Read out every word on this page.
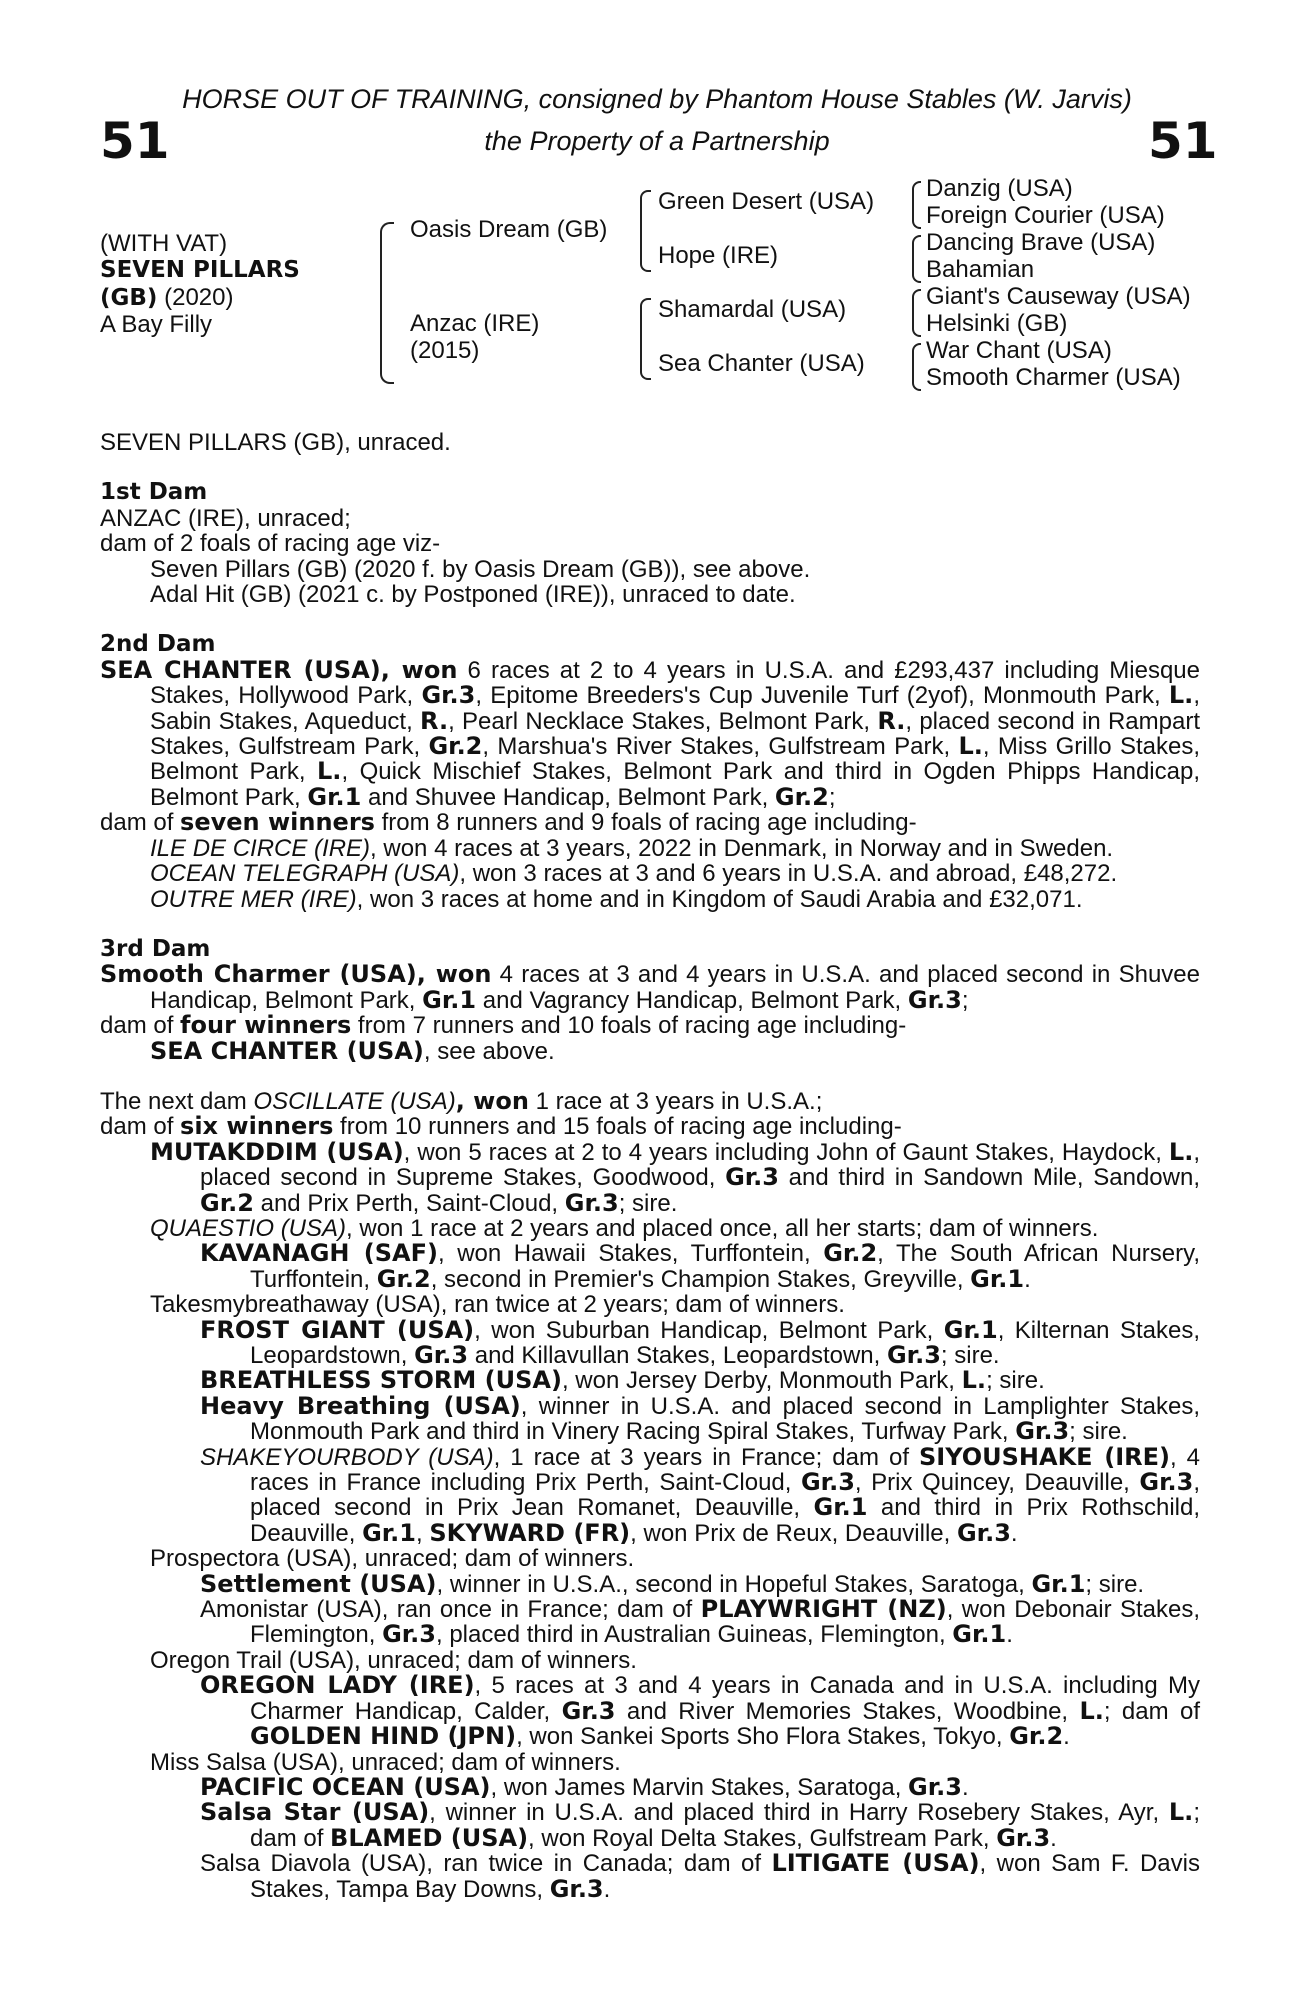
51	51
HORSE OUT OF TRAINING, consigned by Phantom House Stables (W. Jarvis)
the Property of a Partnership
(WITH VAT)
SEVEN PILLARS
(GB) (2020)
A Bay Filly
Oasis Dream (GB)
Anzac (IRE)
(2015)
Green Desert (USA)
Hope (IRE)
Shamardal (USA)
Sea Chanter (USA)
Danzig (USA)
Foreign Courier (USA)
Dancing Brave (USA)
Bahamian
Giant's Causeway (USA)
Helsinki (GB)
War Chant (USA)
Smooth Charmer (USA)
SEVEN PILLARS (GB), unraced.
1st Dam
ANZAC (IRE), unraced;
dam of 2 foals of racing age viz-
Seven Pillars (GB) (2020 f. by Oasis Dream (GB)), see above.
Adal Hit (GB) (2021 c. by Postponed (IRE)), unraced to date.
2nd Dam
SEA CHANTER (USA), won 6 races at 2 to 4 years in U.S.A. and £293,437 including Miesque Stakes, Hollywood Park, Gr.3, Epitome Breeders's Cup Juvenile Turf (2yof), Monmouth Park, L., Sabin Stakes, Aqueduct, R., Pearl Necklace Stakes, Belmont Park, R., placed second in Rampart Stakes, Gulfstream Park, Gr.2, Marshua's River Stakes, Gulfstream Park, L., Miss Grillo Stakes, Belmont Park, L., Quick Mischief Stakes, Belmont Park and third in Ogden Phipps Handicap, Belmont Park, Gr.1 and Shuvee Handicap, Belmont Park, Gr.2;
dam of seven winners from 8 runners and 9 foals of racing age including-
ILE DE CIRCE (IRE), won 4 races at 3 years, 2022 in Denmark, in Norway and in Sweden.
OCEAN TELEGRAPH (USA), won 3 races at 3 and 6 years in U.S.A. and abroad, £48,272.
OUTRE MER (IRE), won 3 races at home and in Kingdom of Saudi Arabia and £32,071.
3rd Dam
Smooth Charmer (USA), won 4 races at 3 and 4 years in U.S.A. and placed second in Shuvee Handicap, Belmont Park, Gr.1 and Vagrancy Handicap, Belmont Park, Gr.3;
dam of four winners from 7 runners and 10 foals of racing age including-
SEA CHANTER (USA), see above.
The next dam OSCILLATE (USA), won 1 race at 3 years in U.S.A.;
dam of six winners from 10 runners and 15 foals of racing age including-
MUTAKDDIM (USA), won 5 races at 2 to 4 years including John of Gaunt Stakes, Haydock, L., placed second in Supreme Stakes, Goodwood, Gr.3 and third in Sandown Mile, Sandown, Gr.2 and Prix Perth, Saint-Cloud, Gr.3; sire.
QUAESTIO (USA), won 1 race at 2 years and placed once, all her starts; dam of winners.
KAVANAGH (SAF), won Hawaii Stakes, Turffontein, Gr.2, The South African Nursery, Turffontein, Gr.2, second in Premier's Champion Stakes, Greyville, Gr.1.
Takesmybreathaway (USA), ran twice at 2 years; dam of winners.
FROST GIANT (USA), won Suburban Handicap, Belmont Park, Gr.1, Kilternan Stakes, Leopardstown, Gr.3 and Killavullan Stakes, Leopardstown, Gr.3; sire.
BREATHLESS STORM (USA), won Jersey Derby, Monmouth Park, L.; sire.
Heavy Breathing (USA), winner in U.S.A. and placed second in Lamplighter Stakes, Monmouth Park and third in Vinery Racing Spiral Stakes, Turfway Park, Gr.3; sire.
SHAKEYOURBODY (USA), 1 race at 3 years in France; dam of SIYOUSHAKE (IRE), 4 races in France including Prix Perth, Saint-Cloud, Gr.3, Prix Quincey, Deauville, Gr.3, placed second in Prix Jean Romanet, Deauville, Gr.1 and third in Prix Rothschild, Deauville, Gr.1, SKYWARD (FR), won Prix de Reux, Deauville, Gr.3.
Prospectora (USA), unraced; dam of winners.
Settlement (USA), winner in U.S.A., second in Hopeful Stakes, Saratoga, Gr.1; sire.
Amonistar (USA), ran once in France; dam of PLAYWRIGHT (NZ), won Debonair Stakes, Flemington, Gr.3, placed third in Australian Guineas, Flemington, Gr.1.
Oregon Trail (USA), unraced; dam of winners.
OREGON LADY (IRE), 5 races at 3 and 4 years in Canada and in U.S.A. including My Charmer Handicap, Calder, Gr.3 and River Memories Stakes, Woodbine, L.; dam of GOLDEN HIND (JPN), won Sankei Sports Sho Flora Stakes, Tokyo, Gr.2.
Miss Salsa (USA), unraced; dam of winners.
PACIFIC OCEAN (USA), won James Marvin Stakes, Saratoga, Gr.3.
Salsa Star (USA), winner in U.S.A. and placed third in Harry Rosebery Stakes, Ayr, L.; dam of BLAMED (USA), won Royal Delta Stakes, Gulfstream Park, Gr.3.
Salsa Diavola (USA), ran twice in Canada; dam of LITIGATE (USA), won Sam F. Davis Stakes, Tampa Bay Downs, Gr.3.
